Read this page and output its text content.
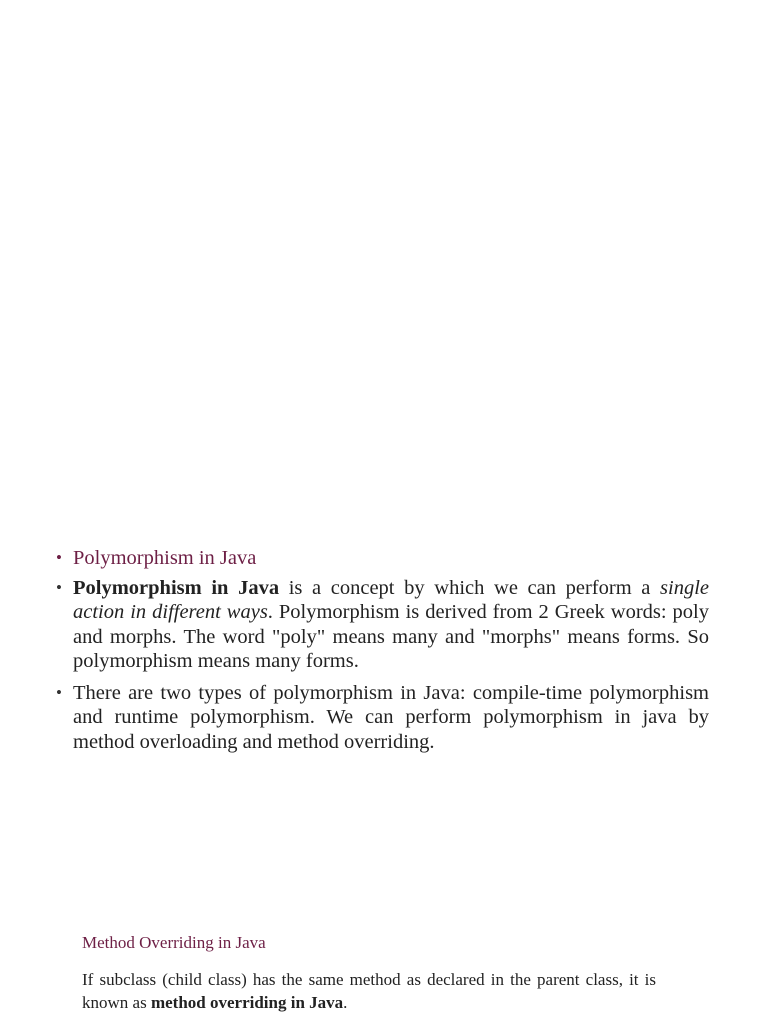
• Polymorphism in Java
• Polymorphism in Java is a concept by which we can perform a single action in different ways. Polymorphism is derived from 2 Greek words: poly and morphs. The word "poly" means many and "morphs" means forms. So polymorphism means many forms.
• There are two types of polymorphism in Java: compile-time polymorphism and runtime polymorphism. We can perform polymorphism in java by method overloading and method overriding.

Method Overriding in Java

If subclass (child class) has the same method as declared in the parent class, it is known as method overriding in Java.
